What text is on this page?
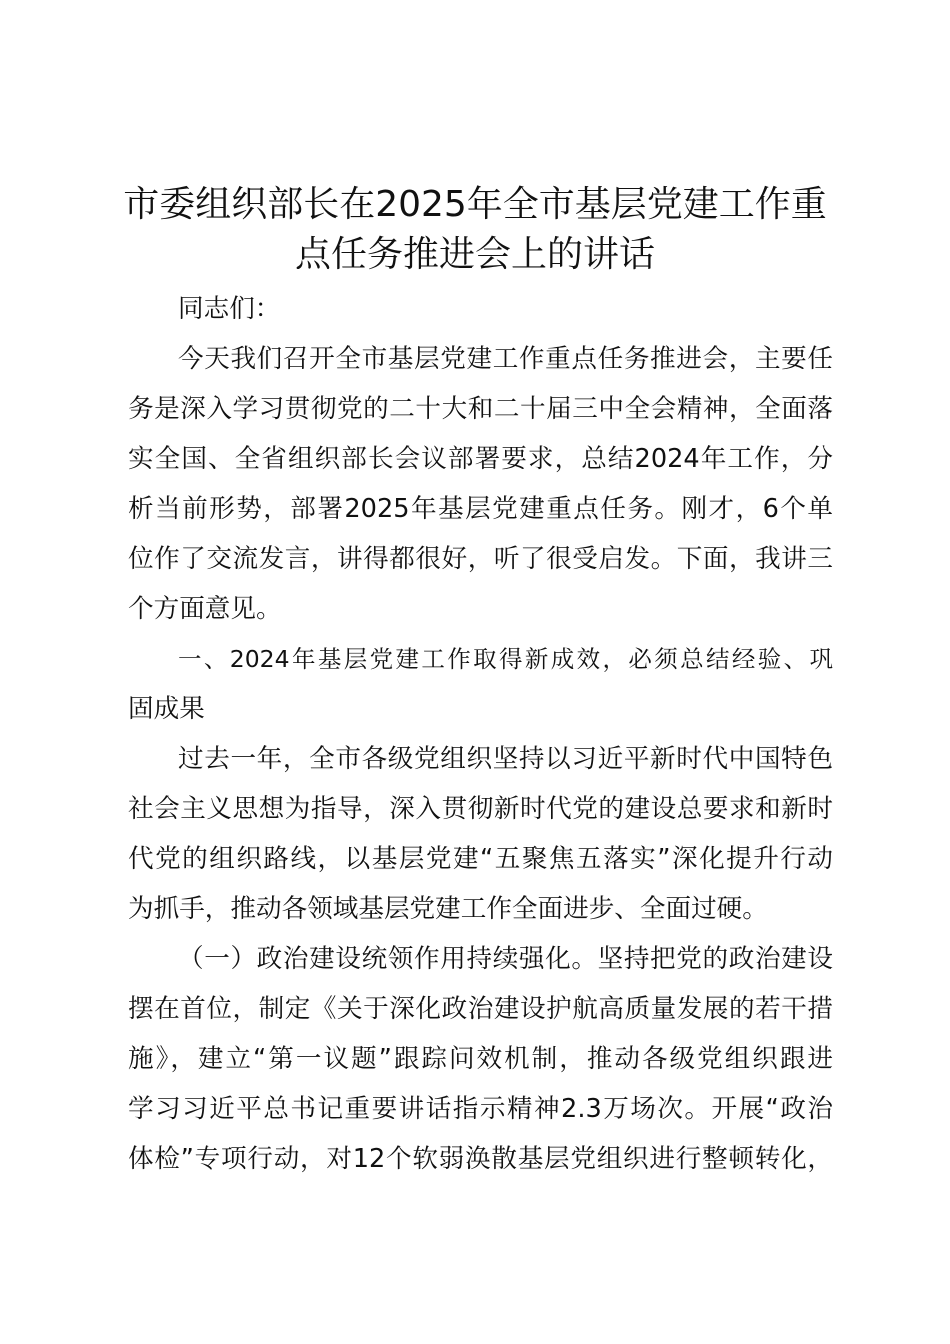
市委组织部长在2025年全市基层党建工作重
点任务推进会上的讲话
同志们：
今天我们召开全市基层党建工作重点任务推进会，主要任
务是深入学习贯彻党的二十大和二十届三中全会精神，全面落
实全国、全省组织部长会议部署要求，总结2024年工作，分
析当前形势，部署2025年基层党建重点任务。刚才，6个单
位作了交流发言，讲得都很好，听了很受启发。下面，我讲三
个方面意见。
一、2024年基层党建工作取得新成效，必须总结经验、巩
固成果
过去一年，全市各级党组织坚持以习近平新时代中国特色
社会主义思想为指导，深入贯彻新时代党的建设总要求和新时
代党的组织路线，以基层党建“五聚焦五落实”深化提升行动
为抓手，推动各领域基层党建工作全面进步、全面过硬。
（一）政治建设统领作用持续强化。坚持把党的政治建设
摆在首位，制定《关于深化政治建设护航高质量发展的若干措
施》，建立“第一议题”跟踪问效机制，推动各级党组织跟进
学习习近平总书记重要讲话指示精神2.3万场次。开展“政治
体检”专项行动，对12个软弱涣散基层党组织进行整顿转化，
